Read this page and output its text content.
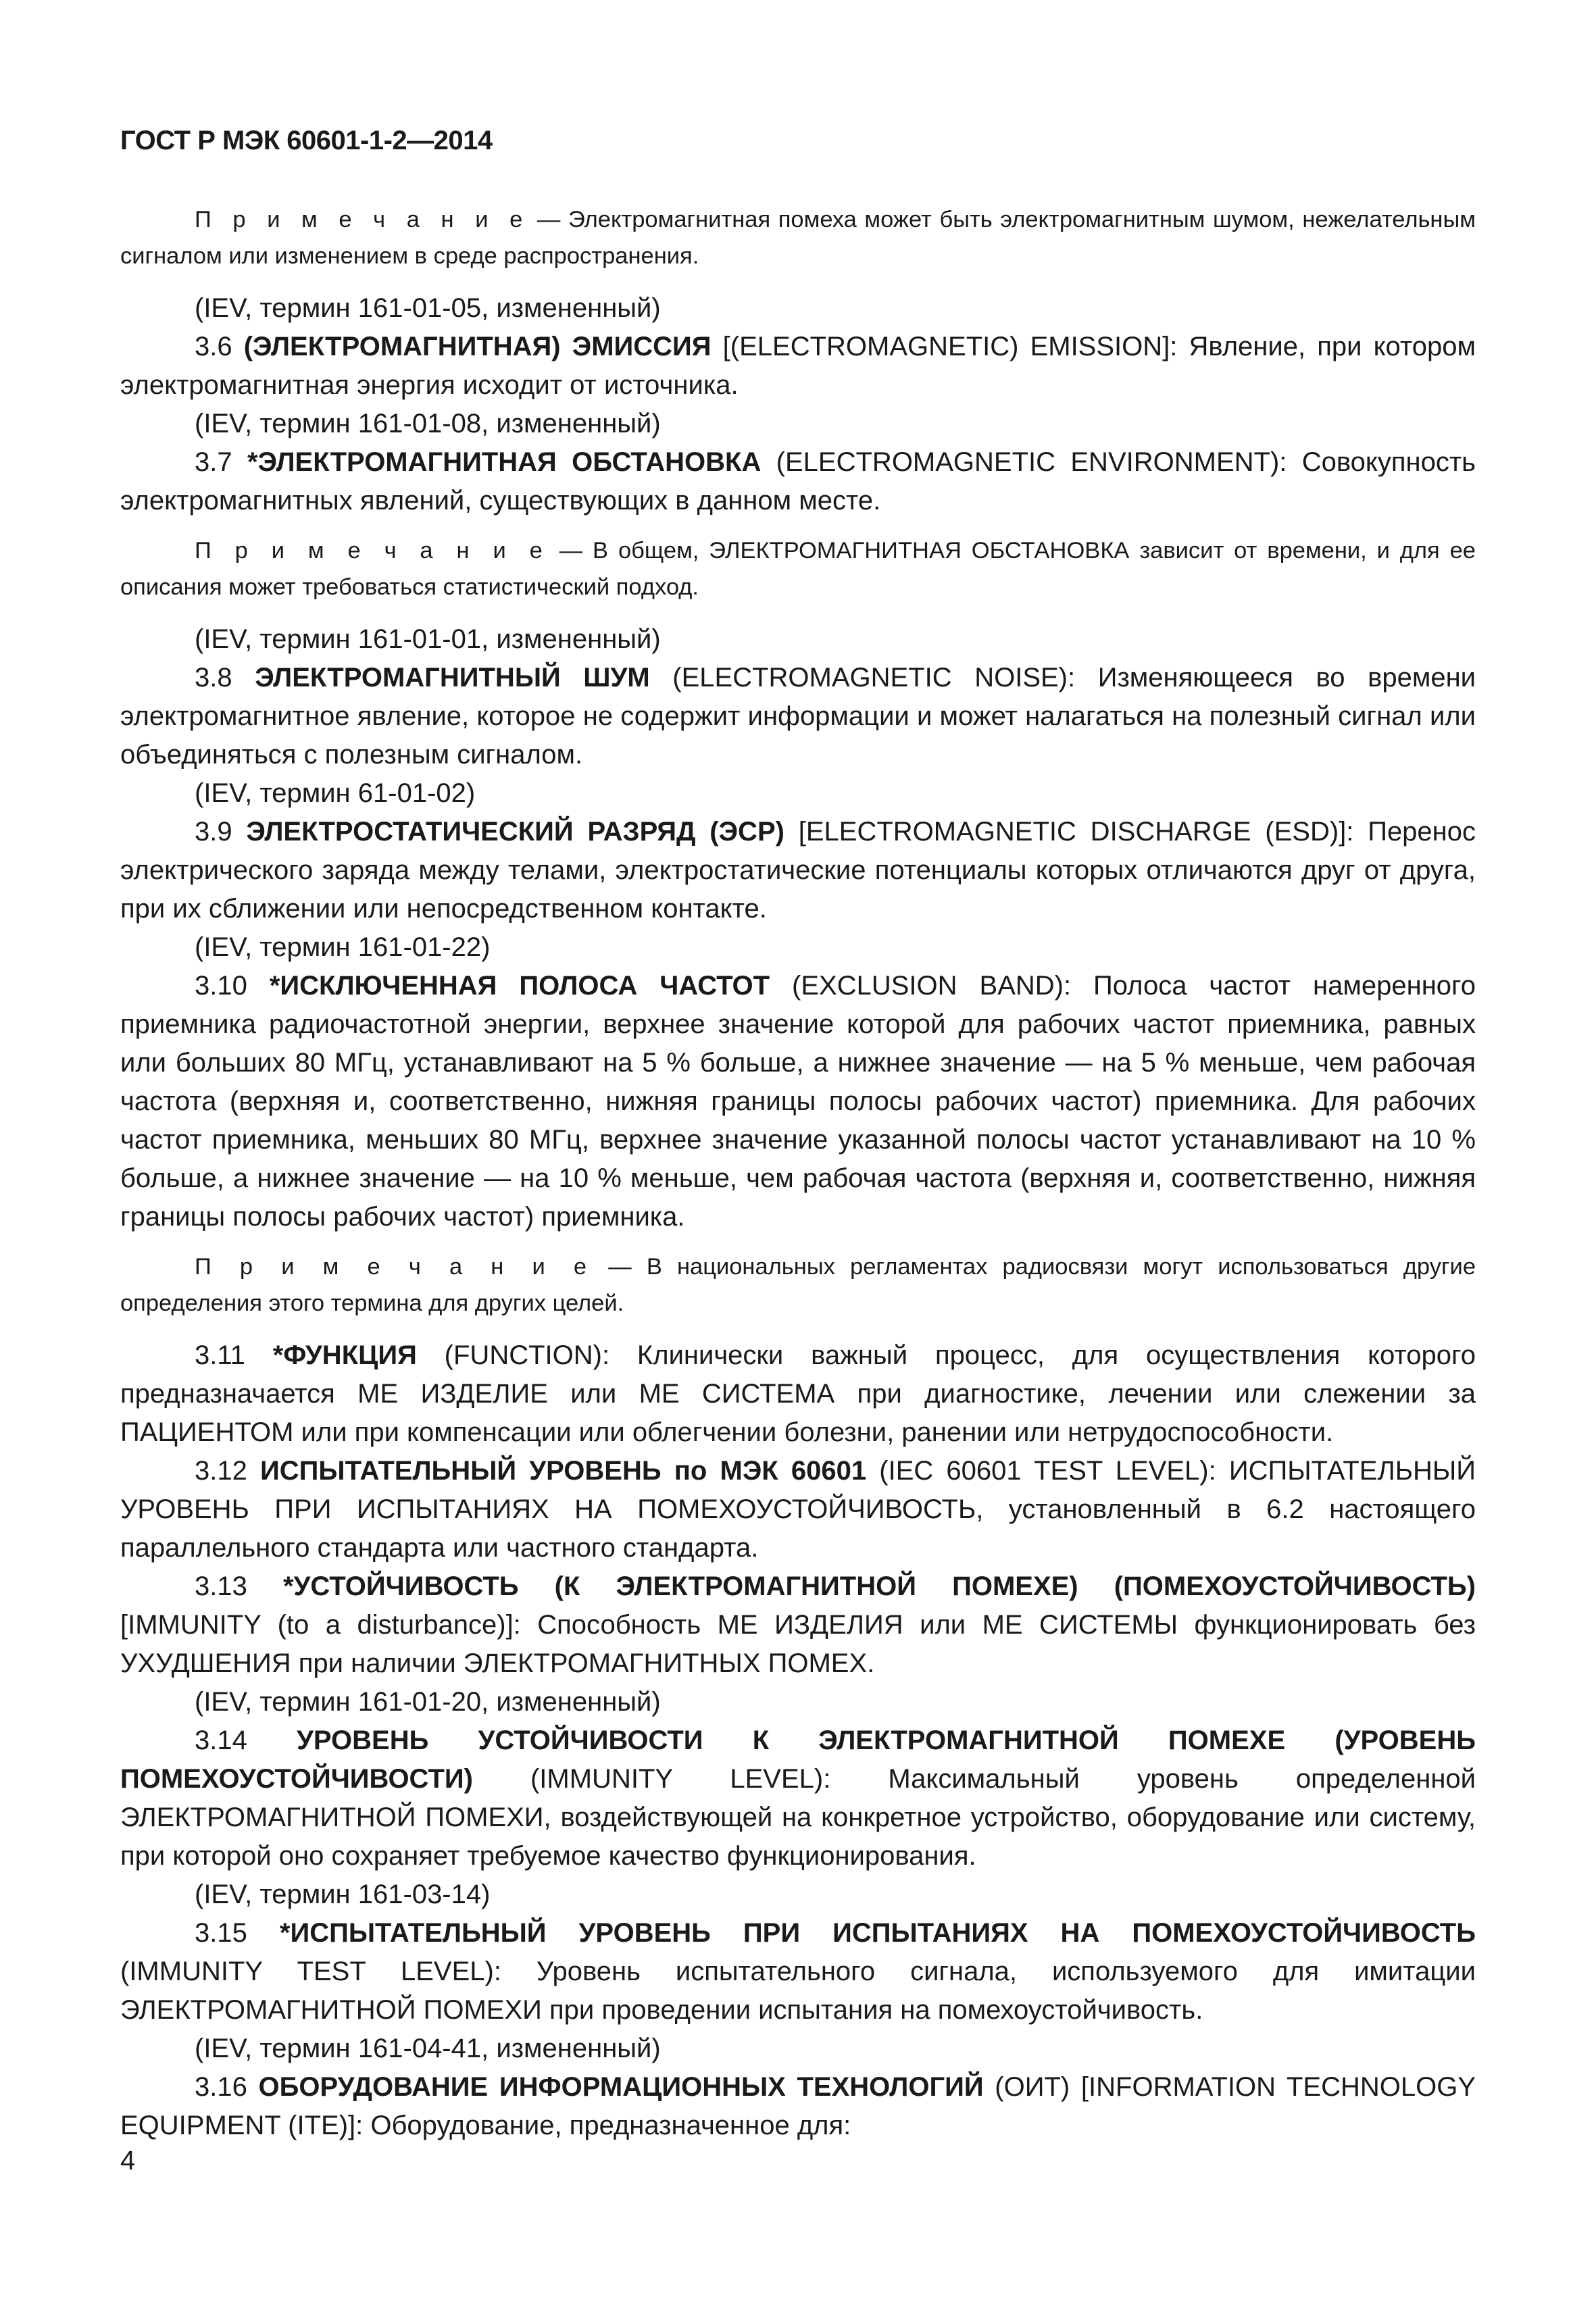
ГОСТ Р МЭК 60601-1-2—2014

П р и м е ч а н и е — Электромагнитная помеха может быть электромагнитным шумом, нежелательным сигналом или изменением в среде распространения.

(IEV, термин 161-01-05, измененный)

3.6 (ЭЛЕКТРОМАГНИТНАЯ) ЭМИССИЯ [(ELECTROMAGNETIC) EMISSION]: Явление, при котором электромагнитная энергия исходит от источника.

(IEV, термин 161-01-08, измененный)

3.7 *ЭЛЕКТРОМАГНИТНАЯ ОБСТАНОВКА (ELECTROMAGNETIC ENVIRONMENT): Совокупность электромагнитных явлений, существующих в данном месте.

П р и м е ч а н и е — В общем, ЭЛЕКТРОМАГНИТНАЯ ОБСТАНОВКА зависит от времени, и для ее описания может требоваться статистический подход.

(IEV, термин 161-01-01, измененный)

3.8 ЭЛЕКТРОМАГНИТНЫЙ ШУМ (ELECTROMAGNETIC NOISE): Изменяющееся во времени электромагнитное явление, которое не содержит информации и может налагаться на полезный сигнал или объединяться с полезным сигналом.

(IEV, термин 61-01-02)

3.9 ЭЛЕКТРОСТАТИЧЕСКИЙ РАЗРЯД (ЭСР) [ELECTROMAGNETIC DISCHARGE (ESD)]: Перенос электрического заряда между телами, электростатические потенциалы которых отличаются друг от друга, при их сближении или непосредственном контакте.

(IEV, термин 161-01-22)

3.10 *ИСКЛЮЧЕННАЯ ПОЛОСА ЧАСТОТ (EXCLUSION BAND): Полоса частот намеренного приемника радиочастотной энергии, верхнее значение которой для рабочих частот приемника, равных или больших 80 МГц, устанавливают на 5 % больше, а нижнее значение — на 5 % меньше, чем рабочая частота (верхняя и, соответственно, нижняя границы полосы рабочих частот) приемника. Для рабочих частот приемника, меньших 80 МГц, верхнее значение указанной полосы частот устанавливают на 10 % больше, а нижнее значение — на 10 % меньше, чем рабочая частота (верхняя и, соответственно, нижняя границы полосы рабочих частот) приемника.

П р и м е ч а н и е — В национальных регламентах радиосвязи могут использоваться другие определения этого термина для других целей.

3.11 *ФУНКЦИЯ (FUNCTION): Клинически важный процесс, для осуществления которого предназначается МЕ ИЗДЕЛИЕ или МЕ СИСТЕМА при диагностике, лечении или слежении за ПАЦИЕНТОМ или при компенсации или облегчении болезни, ранении или нетрудоспособности.

3.12 ИСПЫТАТЕЛЬНЫЙ УРОВЕНЬ по МЭК 60601 (IEC 60601 TEST LEVEL): ИСПЫТАТЕЛЬНЫЙ УРОВЕНЬ ПРИ ИСПЫТАНИЯХ НА ПОМЕХОУСТОЙЧИВОСТЬ, установленный в 6.2 настоящего параллельного стандарта или частного стандарта.

3.13 *УСТОЙЧИВОСТЬ (К ЭЛЕКТРОМАГНИТНОЙ ПОМЕХЕ) (ПОМЕХОУСТОЙЧИВОСТЬ) [IMMUNITY (to a disturbance)]: Способность МЕ ИЗДЕЛИЯ или МЕ СИСТЕМЫ функционировать без УХУДШЕНИЯ при наличии ЭЛЕКТРОМАГНИТНЫХ ПОМЕХ.

(IEV, термин 161-01-20, измененный)

3.14 УРОВЕНЬ УСТОЙЧИВОСТИ К ЭЛЕКТРОМАГНИТНОЙ ПОМЕХЕ (УРОВЕНЬ ПОМЕХОУСТОЙЧИВОСТИ) (IMMUNITY LEVEL): Максимальный уровень определенной ЭЛЕКТРОМАГНИТНОЙ ПОМЕХИ, воздействующей на конкретное устройство, оборудование или систему, при которой оно сохраняет требуемое качество функционирования.

(IEV, термин 161-03-14)

3.15 *ИСПЫТАТЕЛЬНЫЙ УРОВЕНЬ ПРИ ИСПЫТАНИЯХ НА ПОМЕХОУСТОЙЧИВОСТЬ (IMMUNITY TEST LEVEL): Уровень испытательного сигнала, используемого для имитации ЭЛЕКТРОМАГНИТНОЙ ПОМЕХИ при проведении испытания на помехоустойчивость.

(IEV, термин 161-04-41, измененный)

3.16 ОБОРУДОВАНИЕ ИНФОРМАЦИОННЫХ ТЕХНОЛОГИЙ (ОИТ) [INFORMATION TECHNOLOGY EQUIPMENT (ITE)]: Оборудование, предназначенное для:

4
